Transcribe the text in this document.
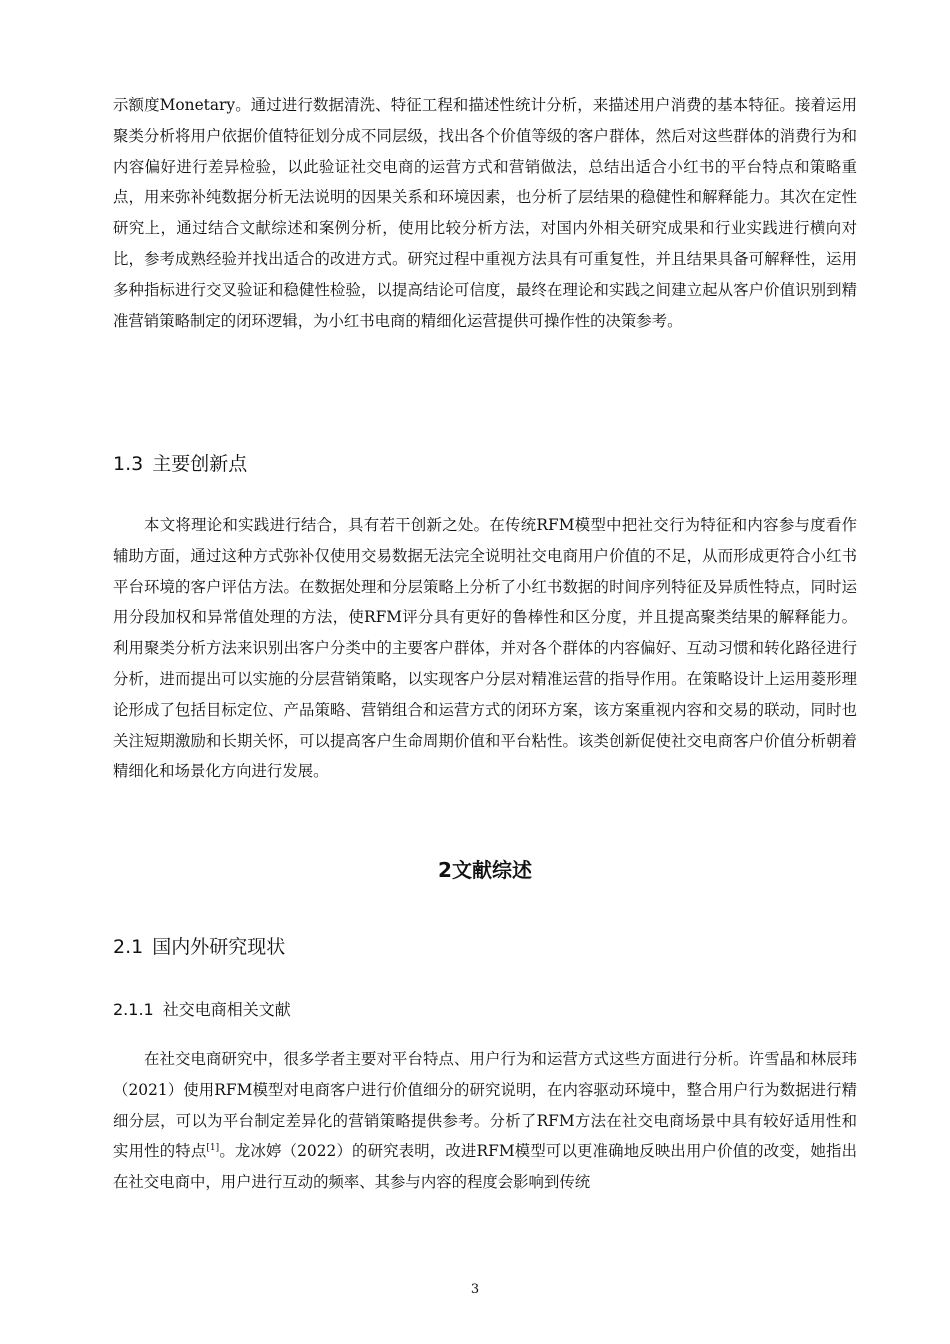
示额度Monetary。通过进行数据清洗、特征工程和描述性统计分析，来描述用户消费的基本特征。接着运用聚类分析将用户依据价值特征划分成不同层级，找出各个价值等级的客户群体，然后对这些群体的消费行为和内容偏好进行差异检验，以此验证社交电商的运营方式和营销做法，总结出适合小红书的平台特点和策略重点，用来弥补纯数据分析无法说明的因果关系和环境因素，也分析了层结果的稳健性和解释能力。其次在定性研究上，通过结合文献综述和案例分析，使用比较分析方法，对国内外相关研究成果和行业实践进行横向对比，参考成熟经验并找出适合的改进方式。研究过程中重视方法具有可重复性，并且结果具备可解释性，运用多种指标进行交叉验证和稳健性检验，以提高结论可信度，最终在理论和实践之间建立起从客户价值识别到精准营销策略制定的闭环逻辑，为小红书电商的精细化运营提供可操作性的决策参考。

1.3 主要创新点

本文将理论和实践进行结合，具有若干创新之处。在传统RFM模型中把社交行为特征和内容参与度看作辅助方面，通过这种方式弥补仅使用交易数据无法完全说明社交电商用户价值的不足，从而形成更符合小红书平台环境的客户评估方法。在数据处理和分层策略上分析了小红书数据的时间序列特征及异质性特点，同时运用分段加权和异常值处理的方法，使RFM评分具有更好的鲁棒性和区分度，并且提高聚类结果的解释能力。利用聚类分析方法来识别出客户分类中的主要客户群体，并对各个群体的内容偏好、互动习惯和转化路径进行分析，进而提出可以实施的分层营销策略，以实现客户分层对精准运营的指导作用。在策略设计上运用菱形理论形成了包括目标定位、产品策略、营销组合和运营方式的闭环方案，该方案重视内容和交易的联动，同时也关注短期激励和长期关怀，可以提高客户生命周期价值和平台粘性。该类创新促使社交电商客户价值分析朝着精细化和场景化方向进行发展。

2文献综述
2.1 国内外研究现状
2.1.1 社交电商相关文献

在社交电商研究中，很多学者主要对平台特点、用户行为和运营方式这些方面进行分析。许雪晶和林辰玮（2021）使用RFM模型对电商客户进行价值细分的研究说明，在内容驱动环境中，整合用户行为数据进行精细分层，可以为平台制定差异化的营销策略提供参考。分析了RFM方法在社交电商场景中具有较好适用性和实用性的特点[1]。龙冰婷（2022）的研究表明，改进RFM模型可以更准确地反映出用户价值的改变，她指出在社交电商中，用户进行互动的频率、其参与内容的程度会影响到传统

3
